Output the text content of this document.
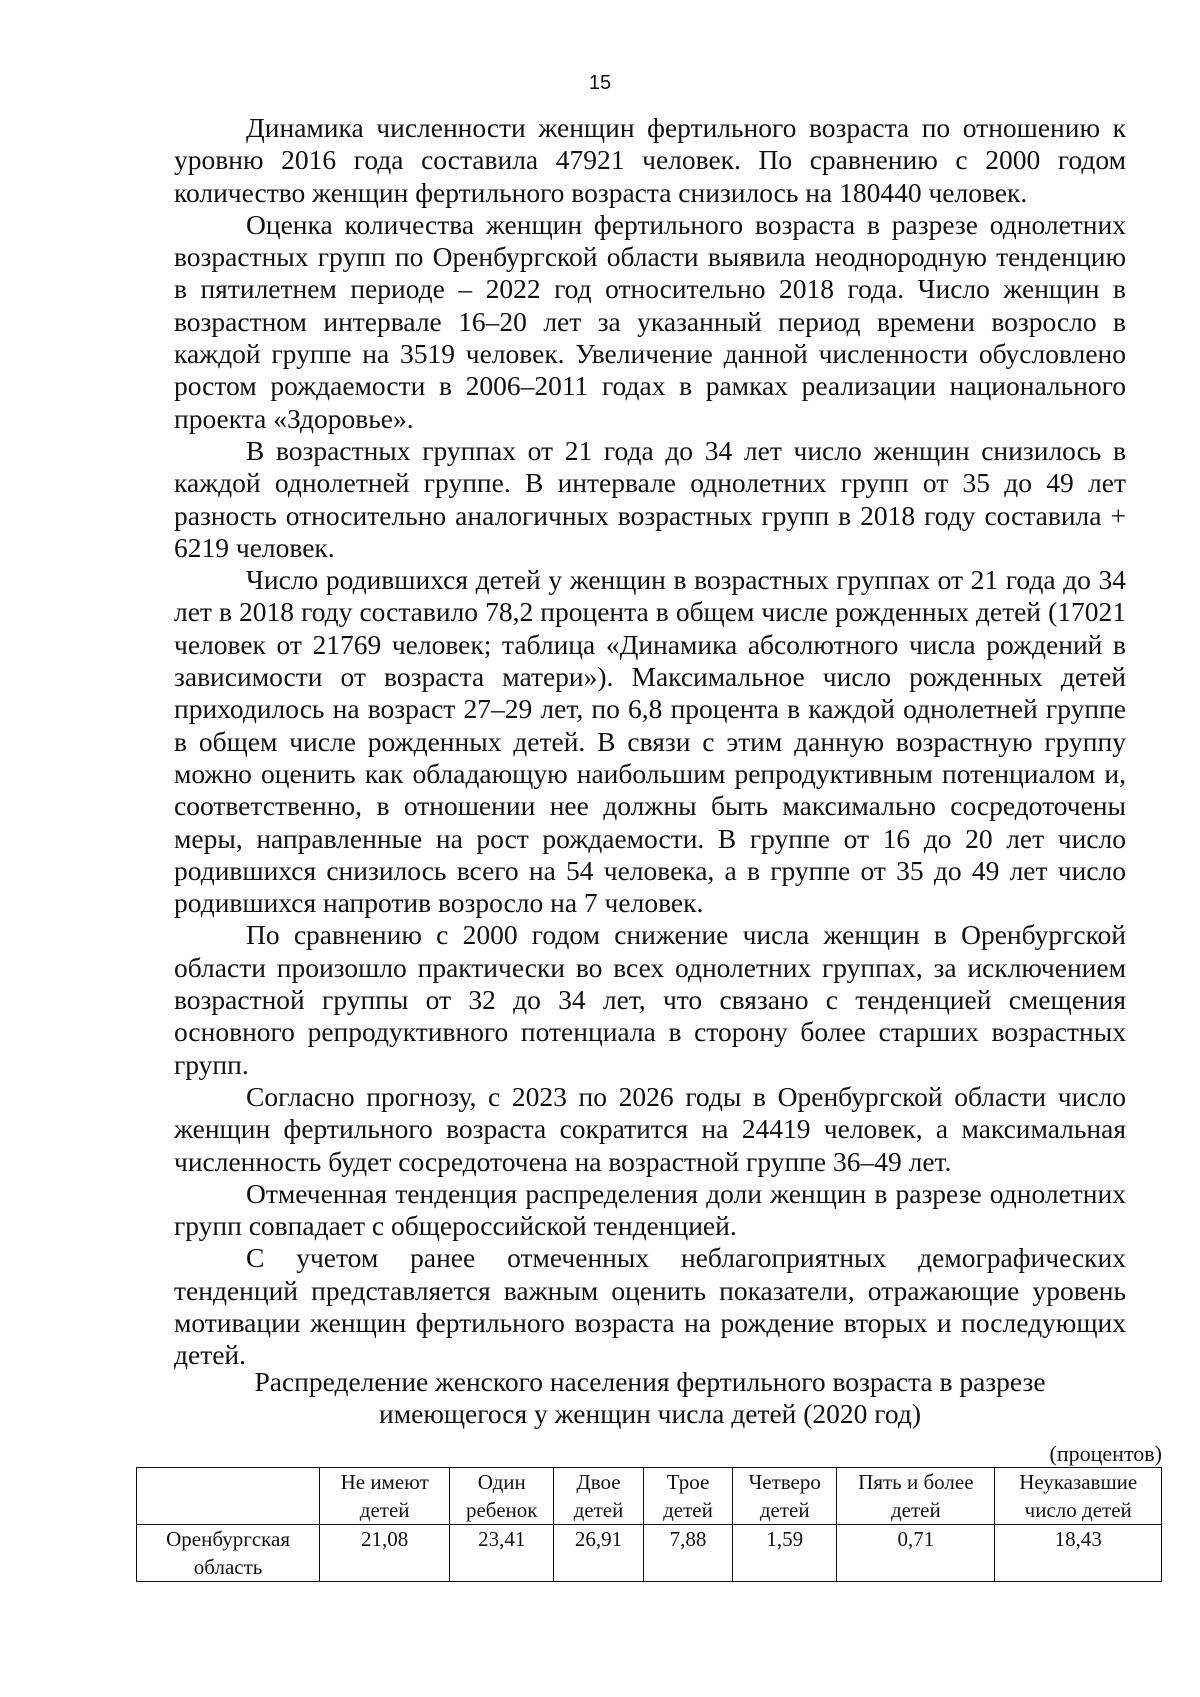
15

Динамика численности женщин фертильного возраста по отношению к уровню 2016 года составила 47921 человек. По сравнению с 2000 годом количество женщин фертильного возраста снизилось на 180440 человек.

Оценка количества женщин фертильного возраста в разрезе однолетних возрастных групп по Оренбургской области выявила неоднородную тенденцию в пятилетнем периоде – 2022 год относительно 2018 года. Число женщин в возрастном интервале 16–20 лет за указанный период времени возросло в каждой группе на 3519 человек. Увеличение данной численности обусловлено ростом рождаемости в 2006–2011 годах в рамках реализации национального проекта «Здоровье».

В возрастных группах от 21 года до 34 лет число женщин снизилось в каждой однолетней группе. В интервале однолетних групп от 35 до 49 лет разность относительно аналогичных возрастных групп в 2018 году составила + 6219 человек.

Число родившихся детей у женщин в возрастных группах от 21 года до 34 лет в 2018 году составило 78,2 процента в общем числе рожденных детей (17021 человек от 21769 человек; таблица «Динамика абсолютного числа рождений в зависимости от возраста матери»). Максимальное число рожденных детей приходилось на возраст 27–29 лет, по 6,8 процента в каждой однолетней группе в общем числе рожденных детей. В связи с этим данную возрастную группу можно оценить как обладающую наибольшим репродуктивным потенциалом и, соответственно, в отношении нее должны быть максимально сосредоточены меры, направленные на рост рождаемости. В группе от 16 до 20 лет число родившихся снизилось всего на 54 человека, а в группе от 35 до 49 лет число родившихся напротив возросло на 7 человек.

По сравнению с 2000 годом снижение числа женщин в Оренбургской области произошло практически во всех однолетних группах, за исключением возрастной группы от 32 до 34 лет, что связано с тенденцией смещения основного репродуктивного потенциала в сторону более старших возрастных групп.

Согласно прогнозу, с 2023 по 2026 годы в Оренбургской области число женщин фертильного возраста сократится на 24419 человек, а максимальная численность будет сосредоточена на возрастной группе 36–49 лет.

Отмеченная тенденция распределения доли женщин в разрезе однолетних групп совпадает с общероссийской тенденцией.

С учетом ранее отмеченных неблагоприятных демографических тенденций представляется важным оценить показатели, отражающие уровень мотивации женщин фертильного возраста на рождение вторых и последующих детей.

Распределение женского населения фертильного возраста в разрезе
имеющегося у женщин числа детей (2020 год)
(процентов)
	Не имеют детей	Один ребенок	Двое детей	Трое детей	Четверо детей	Пять и более детей	Неуказавшие число детей
Оренбургская область	21,08	23,41	26,91	7,88	1,59	0,71	18,43
